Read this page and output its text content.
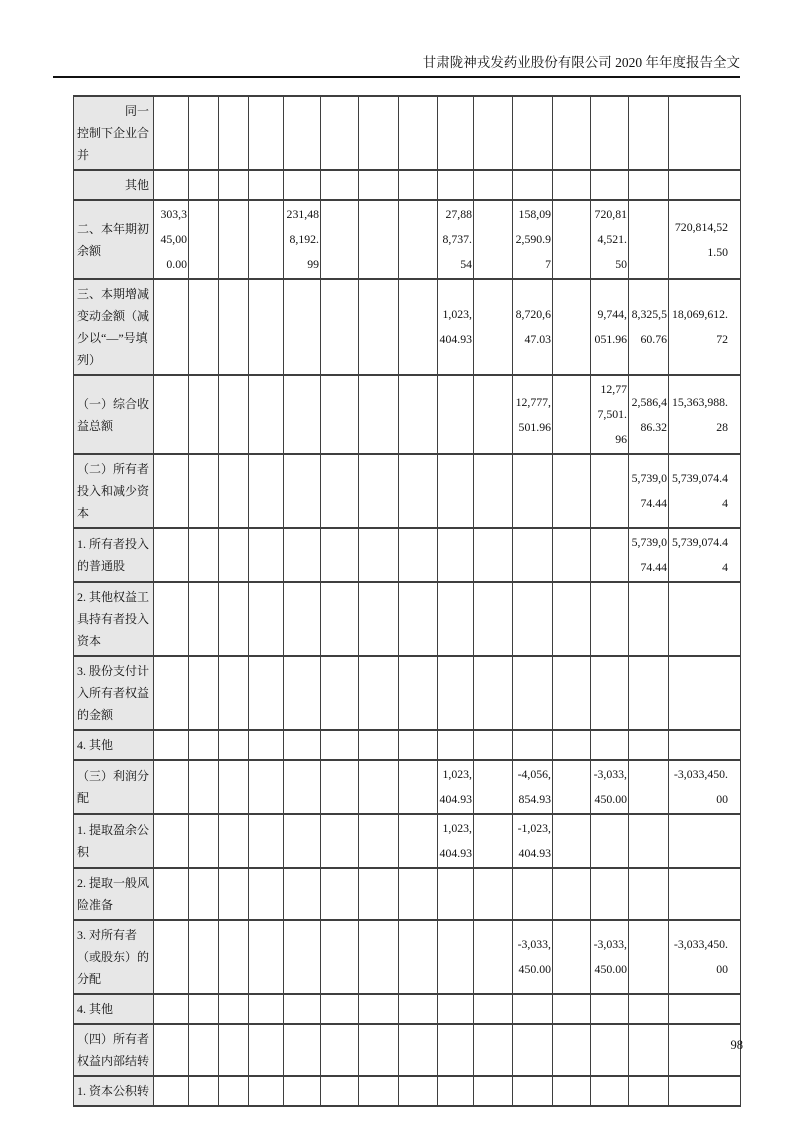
甘肃陇神戎发药业股份有限公司 2020 年年度报告全文
同一控制下企业合并															
其他															
二、本年期初余额	303,345,000.00				231,488,192.99				27,888,737.54		158,092,590.97		720,814,521.50		720,814,521.50
三、本期增减变动金额（减少以“—”号填列）									1,023,404.93		8,720,647.03		9,744,051.96	8,325,560.76	18,069,612.72
（一）综合收益总额											12,777,501.96		12,777,501.96	2,586,486.32	15,363,988.28
（二）所有者投入和减少资本														5,739,074.44	5,739,074.44
1. 所有者投入的普通股														5,739,074.44	5,739,074.44
2. 其他权益工具持有者投入资本															
3. 股份支付计入所有者权益的金额															
4. 其他															
（三）利润分配									1,023,404.93		-4,056,854.93		-3,033,450.00		-3,033,450.00
1. 提取盈余公积									1,023,404.93		-1,023,404.93				
2. 提取一般风险准备															
3. 对所有者（或股东）的分配											-3,033,450.00		-3,033,450.00		-3,033,450.00
4. 其他															
（四）所有者权益内部结转															
1. 资本公积转															
98
